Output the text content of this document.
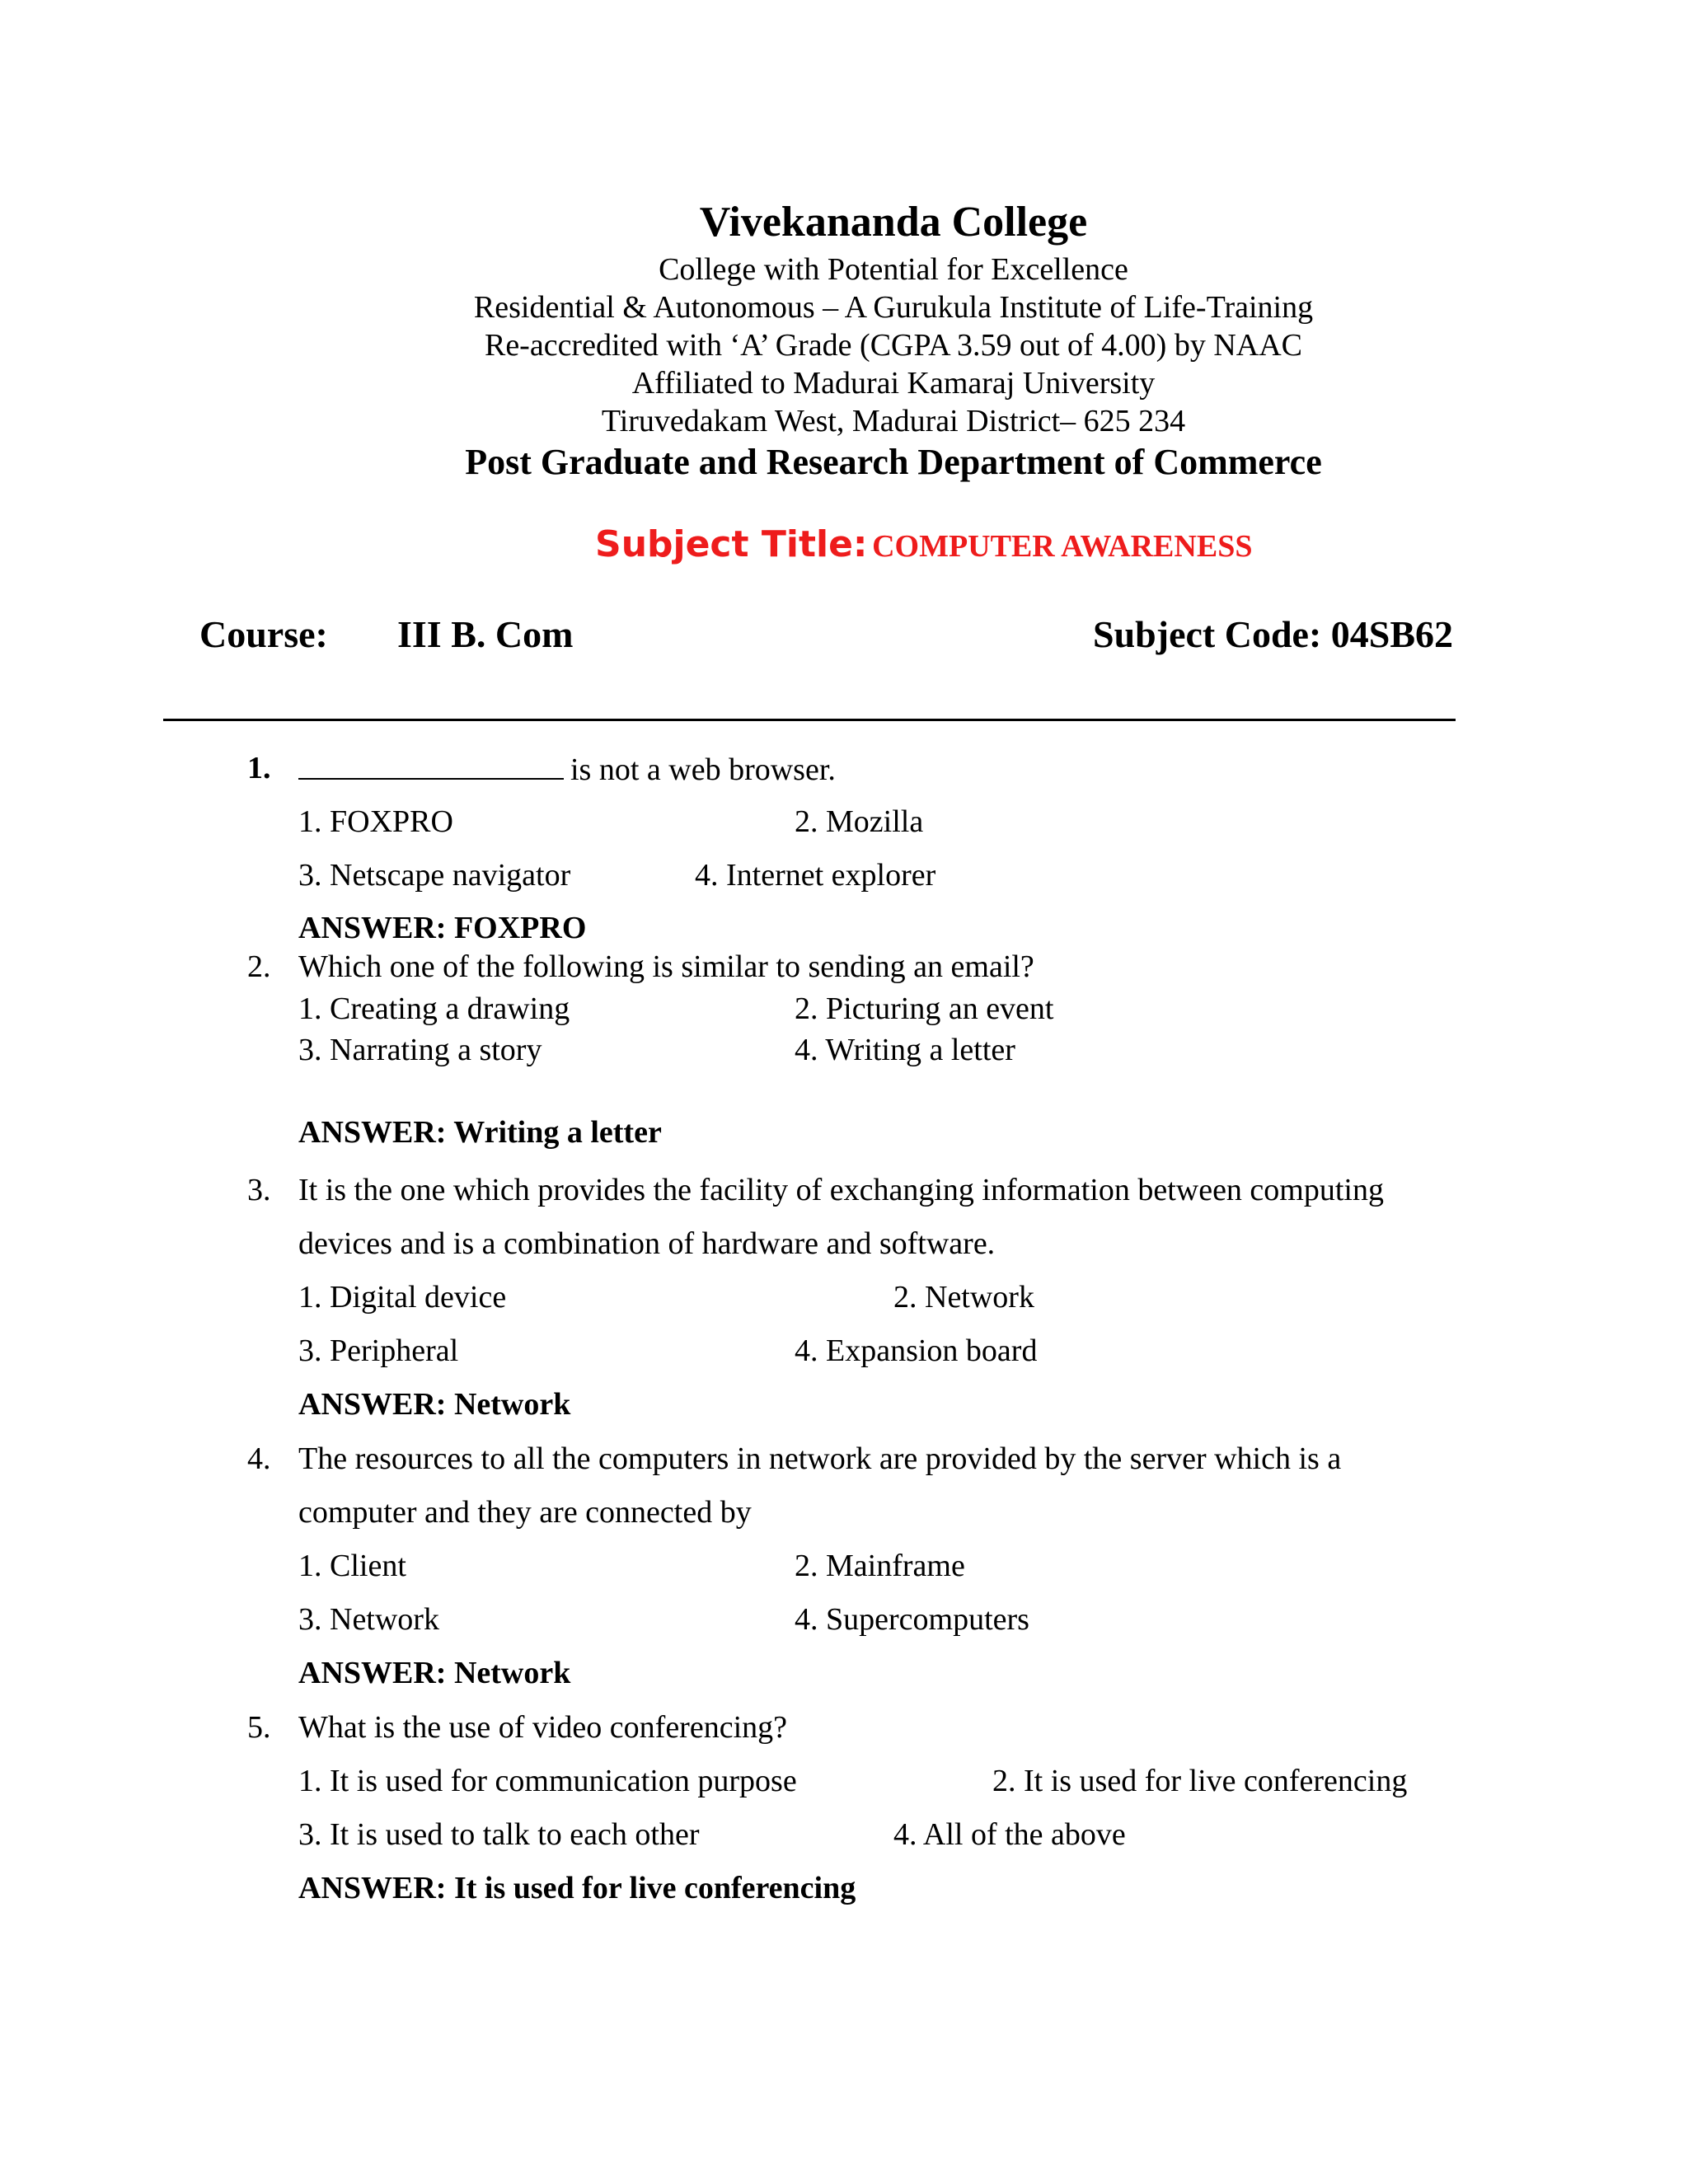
Vivekananda College
College with Potential for Excellence
Residential & Autonomous – A Gurukula Institute of Life-Training
Re-accredited with ‘A’ Grade (CGPA 3.59 out of 4.00) by NAAC
Affiliated to Madurai Kamaraj University
Tiruvedakam West, Madurai District– 625 234
Post Graduate and Research Department of Commerce
Subject Title: COMPUTER AWARENESS
Course: III B. Com	Subject Code: 04SB62
1.	is not a web browser.
1. FOXPRO	2. Mozilla
3. Netscape navigator	4. Internet explorer
ANSWER: FOXPRO
2. Which one of the following is similar to sending an email?
1. Creating a drawing	2. Picturing an event
3. Narrating a story	4. Writing a letter
ANSWER: Writing a letter
3. It is the one which provides the facility of exchanging information between computing
devices and is a combination of hardware and software.
1. Digital device	2. Network
3. Peripheral	4. Expansion board
ANSWER: Network
4. The resources to all the computers in network are provided by the server which is a
computer and they are connected by
1. Client	2. Mainframe
3. Network	4. Supercomputers
ANSWER: Network
5. What is the use of video conferencing?
1. It is used for communication purpose	2. It is used for live conferencing
3. It is used to talk to each other	4. All of the above
ANSWER: It is used for live conferencing
